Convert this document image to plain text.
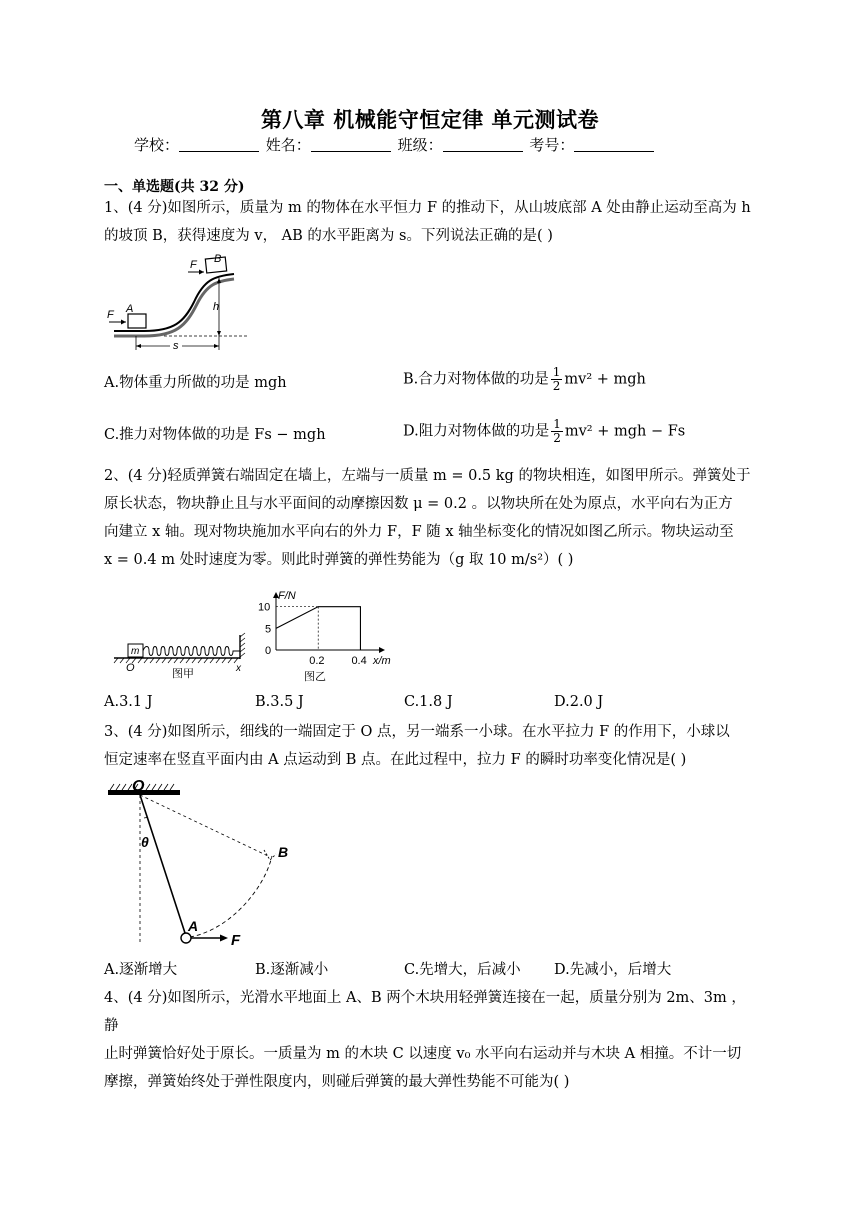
第八章 机械能守恒定律 单元测试卷
学校：	姓名：	班级：	考号：
一、单选题(共 32 分)
1、(4 分)如图所示，质量为 m 的物体在水平恒力 F 的推动下，从山坡底部 A 处由静止运动至高为 h
的坡顶 B，获得速度为 v， AB 的水平距离为 s。下列说法正确的是( )
F
F
A
B
h
s
A.物体重力所做的功是 mgh	B.合力对物体做的功是 $\frac{1}{2} mv^2$ + mgh
C.推力对物体做的功是 Fs − mgh	D.阻力对物体做的功是 $\frac{1}{2} mv^2$ + mgh − Fs
2、(4 分)轻质弹簧右端固定在墙上，左端与一质量 m = 0.5 kg 的物块相连，如图甲所示。弹簧处于
原长状态，物块静止且与水平面间的动摩擦因数 μ = 0.2 。以物块所在处为原点，水平向右为正方
向建立 x 轴。现对物块施加水平向右的外力 F，F 随 x 轴坐标变化的情况如图乙所示。物块运动至
x = 0.4 m 处时速度为零。则此时弹簧的弹性势能为（g 取 10 m/s²）( )
m
O	x
图甲
10
5
0
0.2 0.4
F/N
x/m
图乙
A.3.1 J	B.3.5 J	C.1.8 J	D.2.0 J
3、(4 分)如图所示，细线的一端固定于 O 点，另一端系一小球。在水平拉力 F 的作用下，小球以
恒定速率在竖直平面内由 A 点运动到 B 点。在此过程中，拉力 F 的瞬时功率变化情况是( )
O
θ
A
B
F
A.逐渐增大	B.逐渐减小	C.先增大，后减小 D.先减小，后增大
4、(4 分)如图所示，光滑水平地面上 A、B 两个木块用轻弹簧连接在一起，质量分别为 2m、3m ，静
止时弹簧恰好处于原长。一质量为 m 的木块 C 以速度 v₀ 水平向右运动并与木块 A 相撞。不计一切
摩擦，弹簧始终处于弹性限度内，则碰后弹簧的最大弹性势能不可能为( )
